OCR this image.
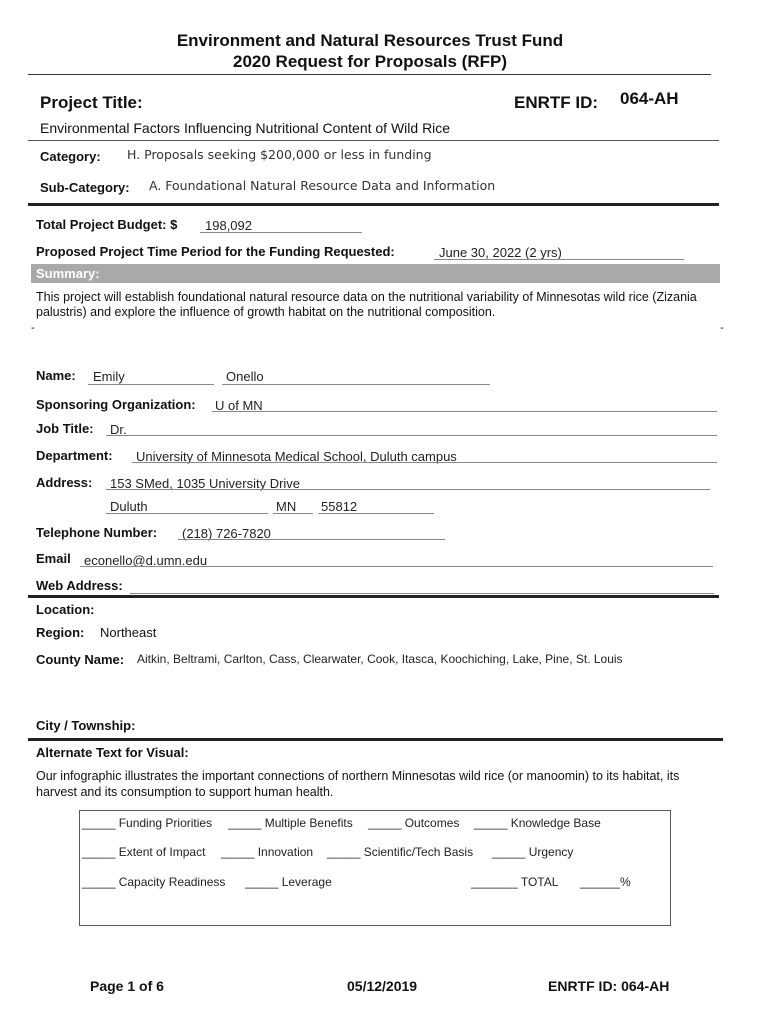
Environment and Natural Resources Trust Fund
2020 Request for Proposals (RFP)
Project Title:	ENRTF ID: 064-AH
Environmental Factors Influencing Nutritional Content of Wild Rice
Category: H. Proposals seeking $200,000 or less in funding
Sub-Category: A. Foundational Natural Resource Data and Information
Total Project Budget: $ 198,092
Proposed Project Time Period for the Funding Requested:	June 30, 2022 (2 yrs)
Summary:
This project will establish foundational natural resource data on the nutritional variability of Minnesotas wild rice (Zizania palustris) and explore the influence of growth habitat on the nutritional composition.
-	-
Name: Emily	Onello
Sponsoring Organization: U of MN
Job Title: Dr.
Department: University of Minnesota Medical School, Duluth campus
Address: 153 SMed, 1035 University Drive
Duluth	MN 55812
Telephone Number: (218) 726-7820
Email econello@d.umn.edu
Web Address:
Location:
Region: Northeast
County Name: Aitkin, Beltrami, Carlton, Cass, Clearwater, Cook, Itasca, Koochiching, Lake, Pine, St. Louis
City / Township:
Alternate Text for Visual:
Our infographic illustrates the important connections of northern Minnesotas wild rice (or manoomin) to its habitat, its harvest and its consumption to support human health.
_____ Funding Priorities _____ Multiple Benefits _____ Outcomes _____ Knowledge Base
_____ Extent of Impact _____ Innovation _____ Scientific/Tech Basis _____ Urgency
_____ Capacity Readiness _____ Leverage	_______ TOTAL ______%
Page 1 of 6	05/12/2019	ENRTF ID: 064-AH
